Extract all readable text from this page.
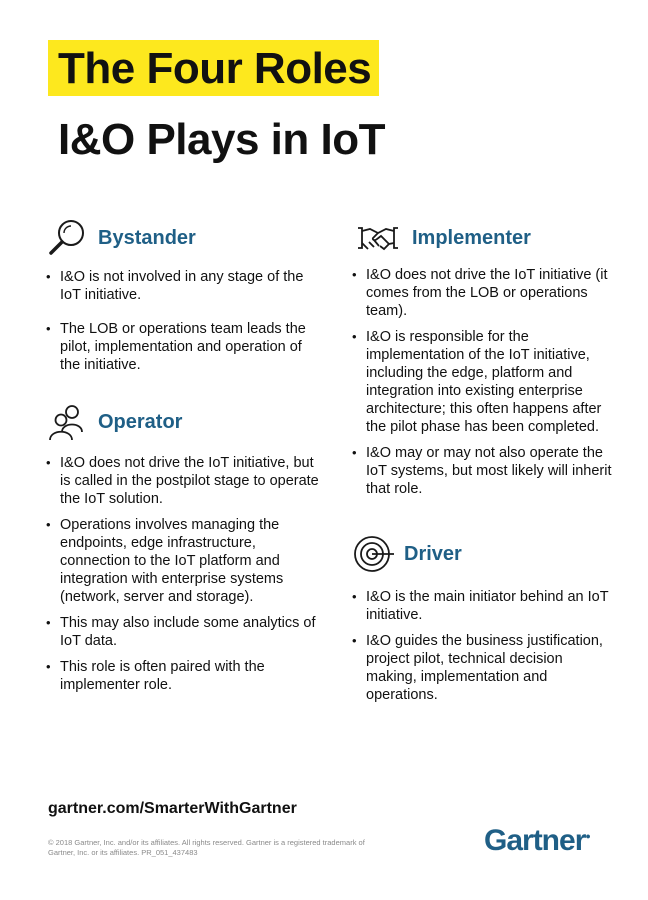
The Four Roles
I&O Plays in IoT
Bystander
• I&O is not involved in any stage of the IoT initiative.
• The LOB or operations team leads the pilot, implementation and operation of the initiative.
Operator
• I&O does not drive the IoT initiative, but is called in the postpilot stage to operate the IoT solution.
• Operations involves managing the endpoints, edge infrastructure, connection to the IoT platform and integration with enterprise systems (network, server and storage).
• This may also include some analytics of IoT data.
• This role is often paired with the implementer role.
Implementer
• I&O does not drive the IoT initiative (it comes from the LOB or operations team).
• I&O is responsible for the implementation of the IoT initiative, including the edge, platform and integration into existing enterprise architecture; this often happens after the pilot phase has been completed.
• I&O may or may not also operate the IoT systems, but most likely will inherit that role.
Driver
• I&O is the main initiator behind an IoT initiative.
• I&O guides the business justification, project pilot, technical decision making, implementation and operations.
gartner.com/SmarterWithGartner
© 2018 Gartner, Inc. and/or its affiliates. All rights reserved. Gartner is a registered trademark of Gartner, Inc. or its affiliates. PR_051_437483	Gartner●
